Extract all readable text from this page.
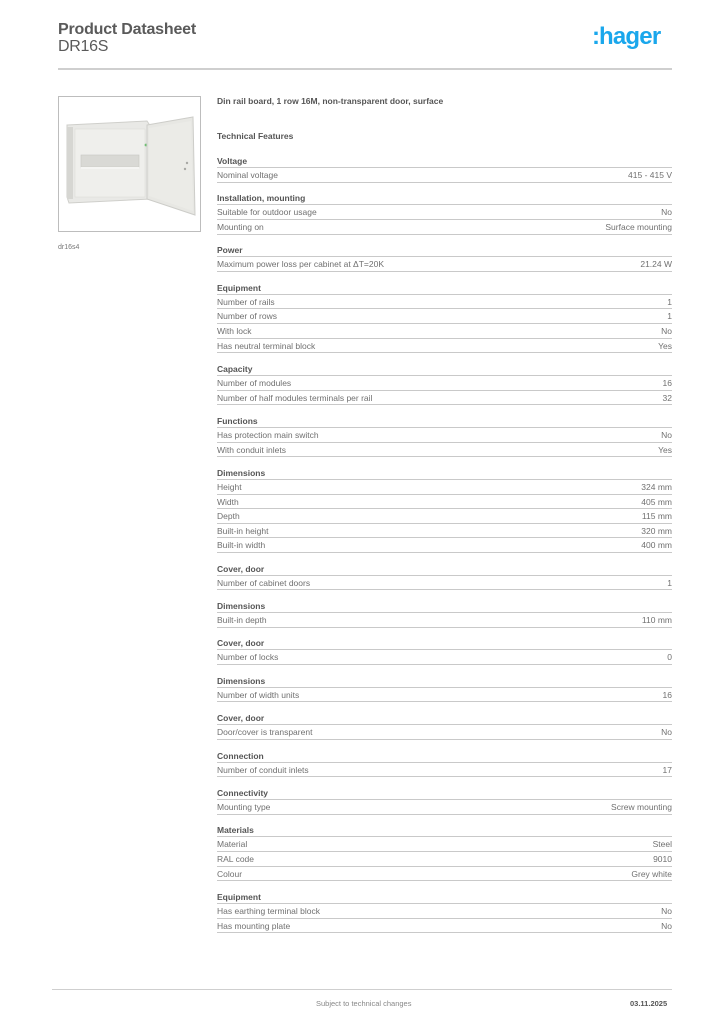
Product Datasheet
DR16S	:hager
dr16s4
Din rail board, 1 row 16M, non-transparent door, surface
Technical Features
Voltage
Nominal voltage	415 - 415 V
Installation, mounting
Suitable for outdoor usage	No
Mounting on	Surface mounting
Power
Maximum power loss per cabinet at ΔT=20K	21.24 W
Equipment
Number of rails	1
Number of rows	1
With lock	No
Has neutral terminal block	Yes
Capacity
Number of modules	16
Number of half modules terminals per rail	32
Functions
Has protection main switch	No
With conduit inlets	Yes
Dimensions
Height	324 mm
Width	405 mm
Depth	115 mm
Built-in height	320 mm
Built-in width	400 mm
Cover, door
Number of cabinet doors	1
Dimensions
Built-in depth	110 mm
Cover, door
Number of locks	0
Dimensions
Number of width units	16
Cover, door
Door/cover is transparent	No
Connection
Number of conduit inlets	17
Connectivity
Mounting type	Screw mounting
Materials
Material	Steel
RAL code	9010
Colour	Grey white
Equipment
Has earthing terminal block	No
Has mounting plate	No
Subject to technical changes	03.11.2025
